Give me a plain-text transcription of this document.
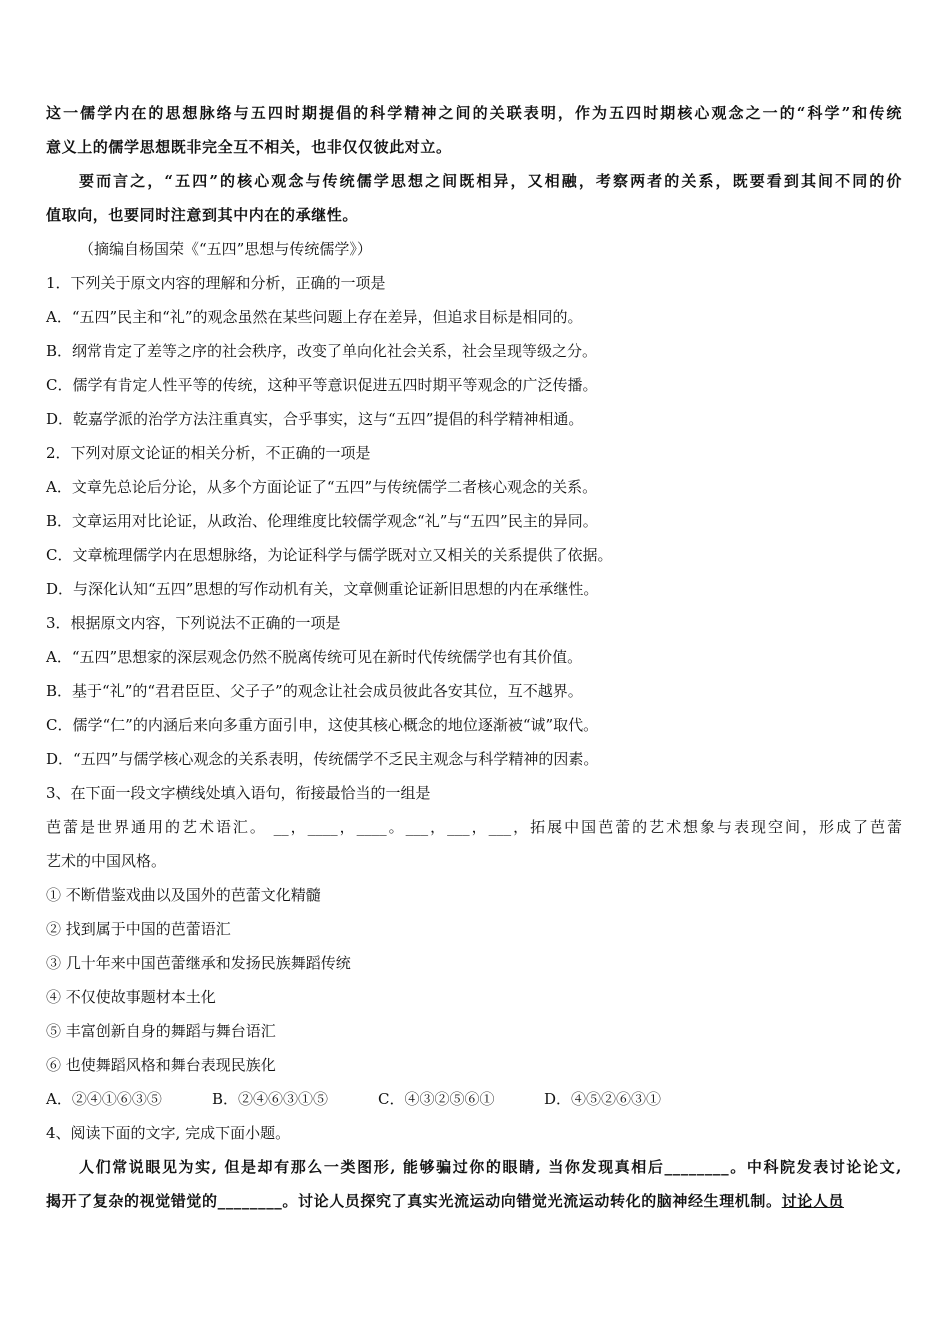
这一儒学内在的思想脉络与五四时期提倡的科学精神之间的关联表明，作为五四时期核心观念之一的“科学”和传统
意义上的儒学思想既非完全互不相关，也非仅仅彼此对立。
要而言之，“五四”的核心观念与传统儒学思想之间既相异，又相融，考察两者的关系，既要看到其间不同的价
值取向，也要同时注意到其中内在的承继性。
（摘编自杨国荣《“五四”思想与传统儒学》）
1．下列关于原文内容的理解和分析，正确的一项是
A．“五四”民主和“礼”的观念虽然在某些问题上存在差异，但追求目标是相同的。
B．纲常肯定了差等之序的社会秩序，改变了单向化社会关系，社会呈现等级之分。
C．儒学有肯定人性平等的传统，这种平等意识促进五四时期平等观念的广泛传播。
D．乾嘉学派的治学方法注重真实，合乎事实，这与“五四”提倡的科学精神相通。
2．下列对原文论证的相关分析，不正确的一项是
A．文章先总论后分论，从多个方面论证了“五四”与传统儒学二者核心观念的关系。
B．文章运用对比论证，从政治、伦理维度比较儒学观念“礼”与“五四”民主的异同。
C．文章梳理儒学内在思想脉络，为论证科学与儒学既对立又相关的关系提供了依据。
D．与深化认知“五四”思想的写作动机有关，文章侧重论证新旧思想的内在承继性。
3．根据原文内容，下列说法不正确的一项是
A．“五四”思想家的深层观念仍然不脱离传统可见在新时代传统儒学也有其价值。
B．基于“礼”的“君君臣臣、父子子”的观念让社会成员彼此各安其位，互不越界。
C．儒学“仁”的内涵后来向多重方面引申，这使其核心概念的地位逐渐被“诚”取代。
D．“五四”与儒学核心观念的关系表明，传统儒学不乏民主观念与科学精神的因素。
3、在下面一段文字横线处填入语句，衔接最恰当的一组是
芭蕾是世界通用的艺术语汇。 __，____，____。___，___，___，拓展中国芭蕾的艺术想象与表现空间，形成了芭蕾
艺术的中国风格。
① 不断借鉴戏曲以及国外的芭蕾文化精髓
② 找到属于中国的芭蕾语汇
③ 几十年来中国芭蕾继承和发扬民族舞蹈传统
④ 不仅使故事题材本土化
⑤ 丰富创新自身的舞蹈与舞台语汇
⑥ 也使舞蹈风格和舞台表现民族化
A．②④①⑥③⑤	B．②④⑥③①⑤	C．④③②⑤⑥①	D．④⑤②⑥③①
4、阅读下面的文字, 完成下面小题。
人们常说眼见为实, 但是却有那么一类图形, 能够骗过你的眼睛, 当你发现真相后________。中科院发表讨论论文,
揭开了复杂的视觉错觉的________。讨论人员探究了真实光流运动向错觉光流运动转化的脑神经生理机制。讨论人员
